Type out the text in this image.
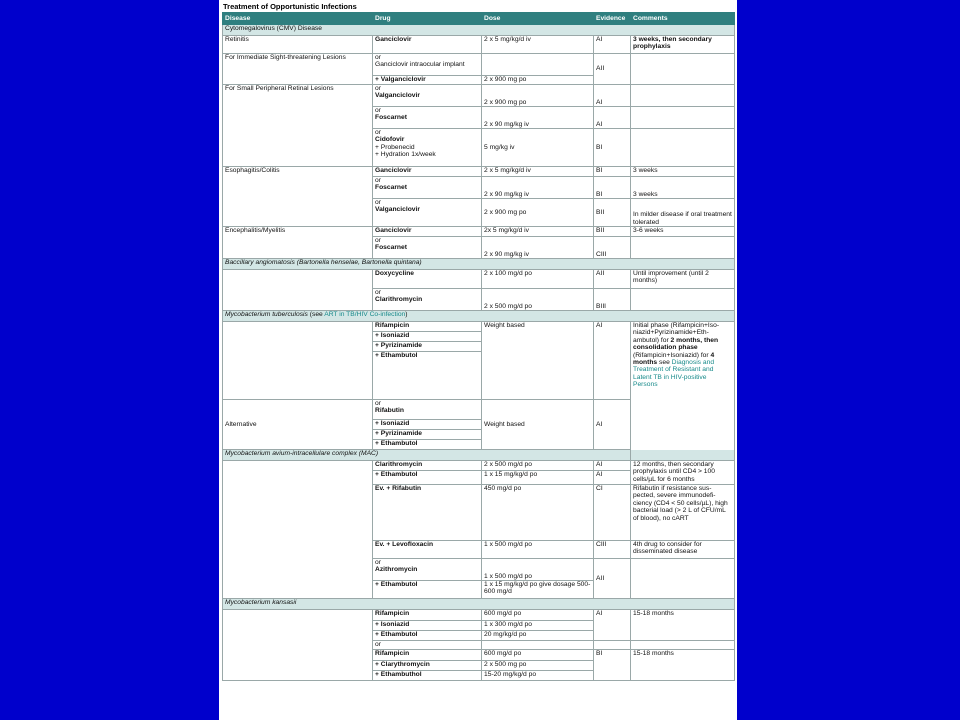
Treatment of Opportunistic Infections
Disease	Drug	Dose	Evidence	Comments
Cytomegalovirus (CMV) Disease				
Retinitis	Ganciclovir	2 x 5 mg/kg/d iv	AI	3 weeks, then secondary prophylaxis
For Immediate Sight-threatening Lesions	or
Ganciclovir intraocular implant		AII	
	+ Valganciclovir	2 x 900 mg po		
For Small Peripheral Retinal Lesions	or
Valganciclovir	2 x 900 mg po	AI	

	or
Foscarnet	2 x 90 mg/kg iv	AI	

	or
Cidofovir
+ Probenecid
+ Hydration 1x/week	5 mg/kg iv	BI	
Esophagitis/Colitis	Ganciclovir	2 x 5 mg/kg/d iv	BI	3 weeks

	or
Foscarnet	2 x 90 mg/kg iv	BI	3 weeks

	or
Valganciclovir	2 x 900 mg po	BII	In milder disease if oral treatment tolerated
Encephalitis/Myelitis	Ganciclovir	2x 5 mg/kg/d iv	BII	3-6 weeks

	or
Foscarnet	2 x 90 mg/kg iv	CIII	
Baccillary angiomatosis (Bartonella henselae, Bartonella quintana)				
	Doxycycline	2 x 100 mg/d po	AII	Until improvement (until 2 months)

	or
Clarithromycin	2 x 500 mg/d po	BIII	
Mycobacterium tuberculosis (see ART in TB/HIV Co-infection)				
	Rifampicin	Weight based	AI	Initial phase (Rifampicin+Iso-niazid+Pyrizinamide+Eth-ambutol) for 2 months, then consolidation phase (Rifampicin+Isoniazid) for 4 months see Diagnosis and Treatment of Resistant and Latent TB in HIV-positive Persons
	+ Isoniazid			
	+ Pyrizinamide			
	+ Ethambutol			
Alternative	or
Rifabutin	Weight based	AI	
	+ Isoniazid			
	+ Pyrizinamide			
	+ Ethambutol			
Mycobacterium avium-intracellulare complex (MAC)				
	Clarithromycin	2 x 500 mg/d po	AI	12 months, then secondary prophylaxis until CD4 > 100 cells/µL for 6 months
	+ Ethambutol	1 x 15 mg/kg/d po	AI	
	Ev. + Rifabutin	450 mg/d po	CI	Rifabutin if resistance sus-pected, severe immunodefi-ciency (CD4 < 50 cells/µL), high bacterial load (> 2 L of CFU/mL of blood), no cART
	Ev. + Levofloxacin	1 x 500 mg/d po	CIII	4th drug to consider for disseminated disease

	or
Azithromycin	1 x 500 mg/d po	AII	
	+ Ethambutol	1 x 15 mg/kg/d po give dosage 500-600 mg/d		
Mycobacterium kansasii				
	Rifampicin	600 mg/d po	AI	15-18 months
	+ Isoniazid	1 x 300 mg/d po		
	+ Ethambutol	20 mg/kg/d po		
	or			
	Rifampicin	600 mg/d po	BI	15-18 months
	+ Clarythromycin	2 x 500 mg po		
	+ Ethambuthol	15-20 mg/kg/d po		
